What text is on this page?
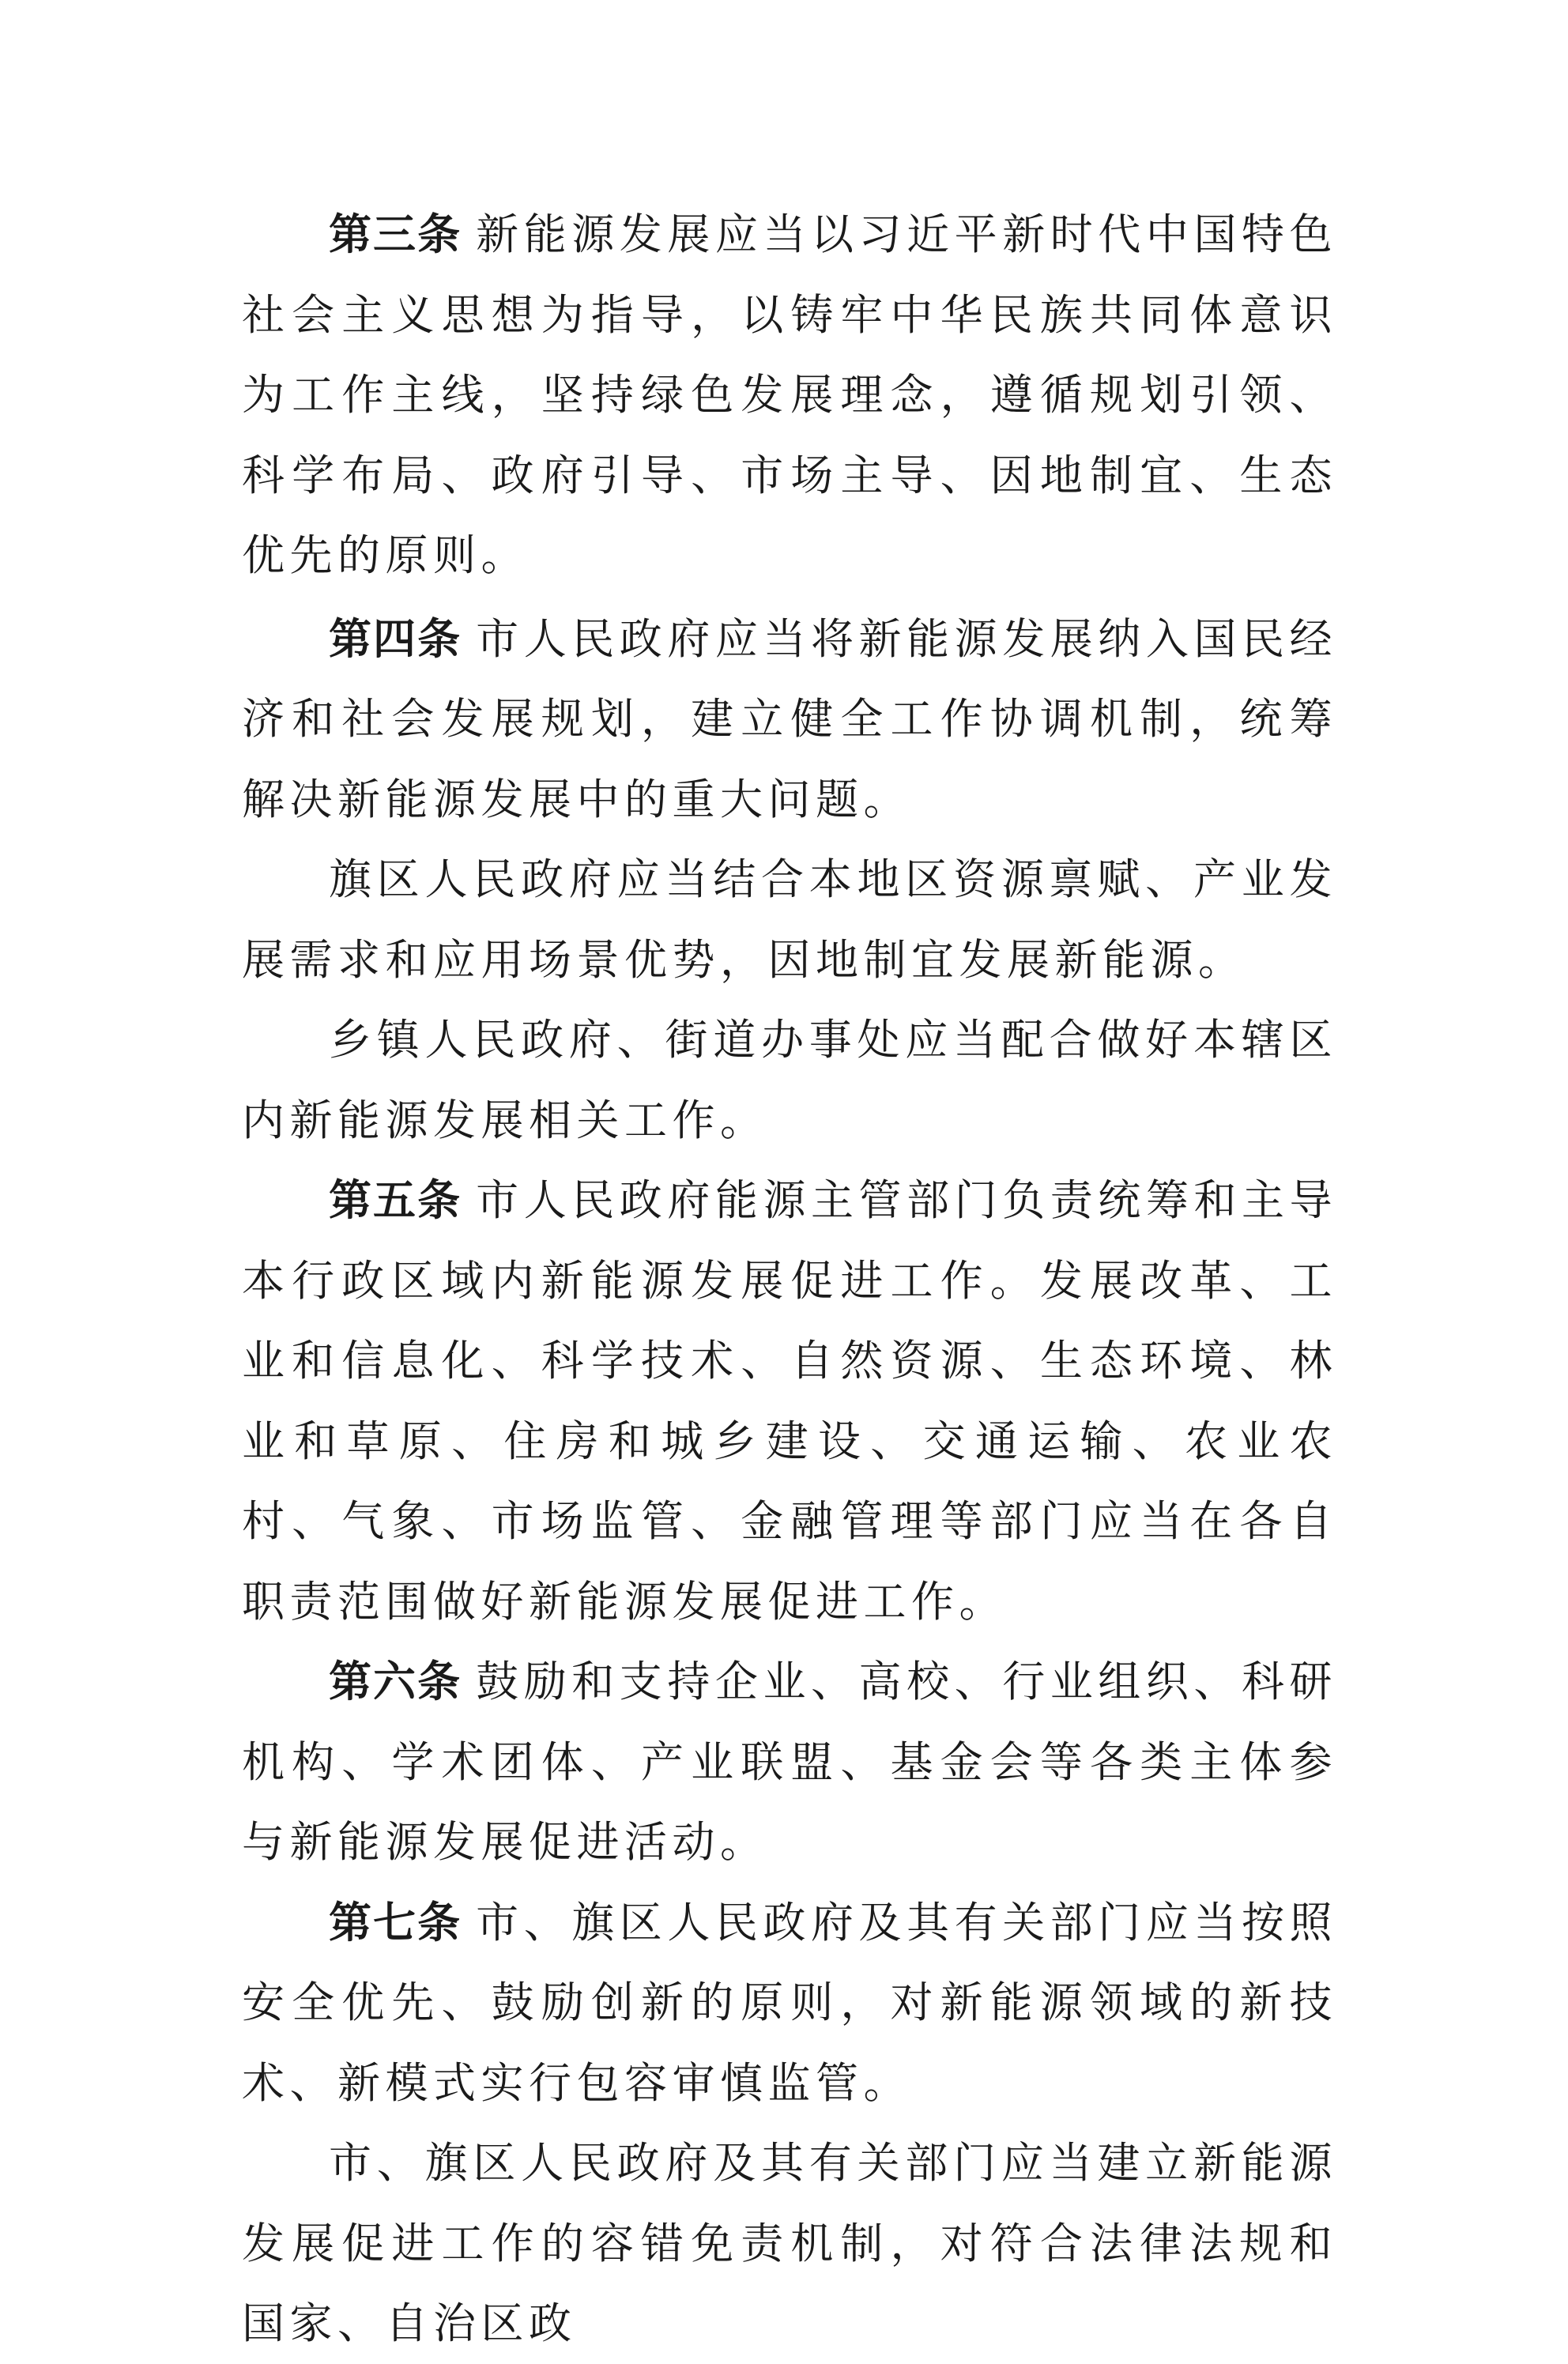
第三条 新能源发展应当以习近平新时代中国特色社会主义思想为指导，以铸牢中华民族共同体意识为工作主线，坚持绿色发展理念，遵循规划引领、科学布局、政府引导、市场主导、因地制宜、生态优先的原则。

第四条 市人民政府应当将新能源发展纳入国民经济和社会发展规划，建立健全工作协调机制，统筹解决新能源发展中的重大问题。

旗区人民政府应当结合本地区资源禀赋、产业发展需求和应用场景优势，因地制宜发展新能源。

乡镇人民政府、街道办事处应当配合做好本辖区内新能源发展相关工作。

第五条 市人民政府能源主管部门负责统筹和主导本行政区域内新能源发展促进工作。发展改革、工业和信息化、科学技术、自然资源、生态环境、林业和草原、住房和城乡建设、交通运输、农业农村、气象、市场监管、金融管理等部门应当在各自职责范围做好新能源发展促进工作。

第六条 鼓励和支持企业、高校、行业组织、科研机构、学术团体、产业联盟、基金会等各类主体参与新能源发展促进活动。

第七条 市、旗区人民政府及其有关部门应当按照安全优先、鼓励创新的原则，对新能源领域的新技术、新模式实行包容审慎监管。

市、旗区人民政府及其有关部门应当建立新能源发展促进工作的容错免责机制，对符合法律法规和国家、自治区政
